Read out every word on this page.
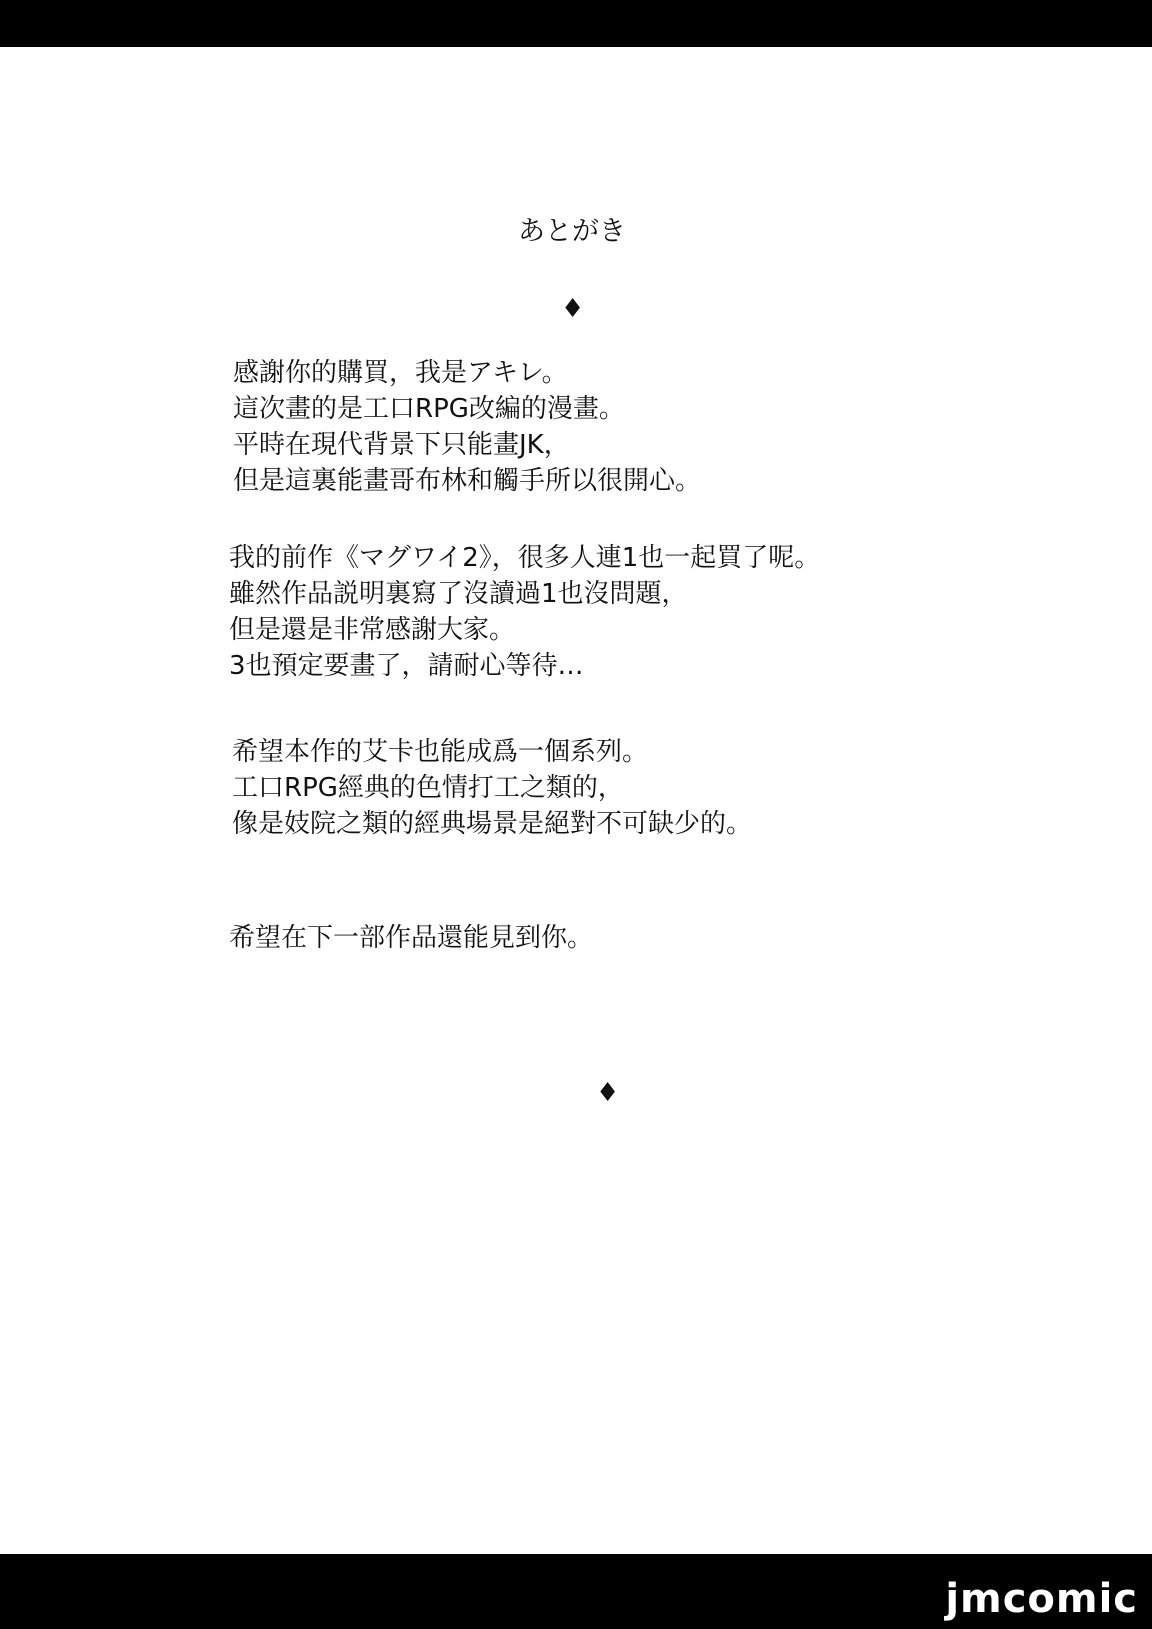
あとがき
♦
感謝你的購買，我是アキレ。
這次畫的是工口RPG改編的漫畫。
平時在現代背景下只能畫JK，
但是這裏能畫哥布林和觸手所以很開心。
我的前作《マグワイ2》，很多人連1也一起買了呢。
雖然作品説明裏寫了沒讀過1也沒問題，
但是還是非常感謝大家。
3也預定要畫了，請耐心等待…
希望本作的艾卡也能成爲一個系列。
工口RPG經典的色情打工之類的，
像是妓院之類的經典場景是絕對不可缺少的。
希望在下一部作品還能見到你。
♦
jmcomic
